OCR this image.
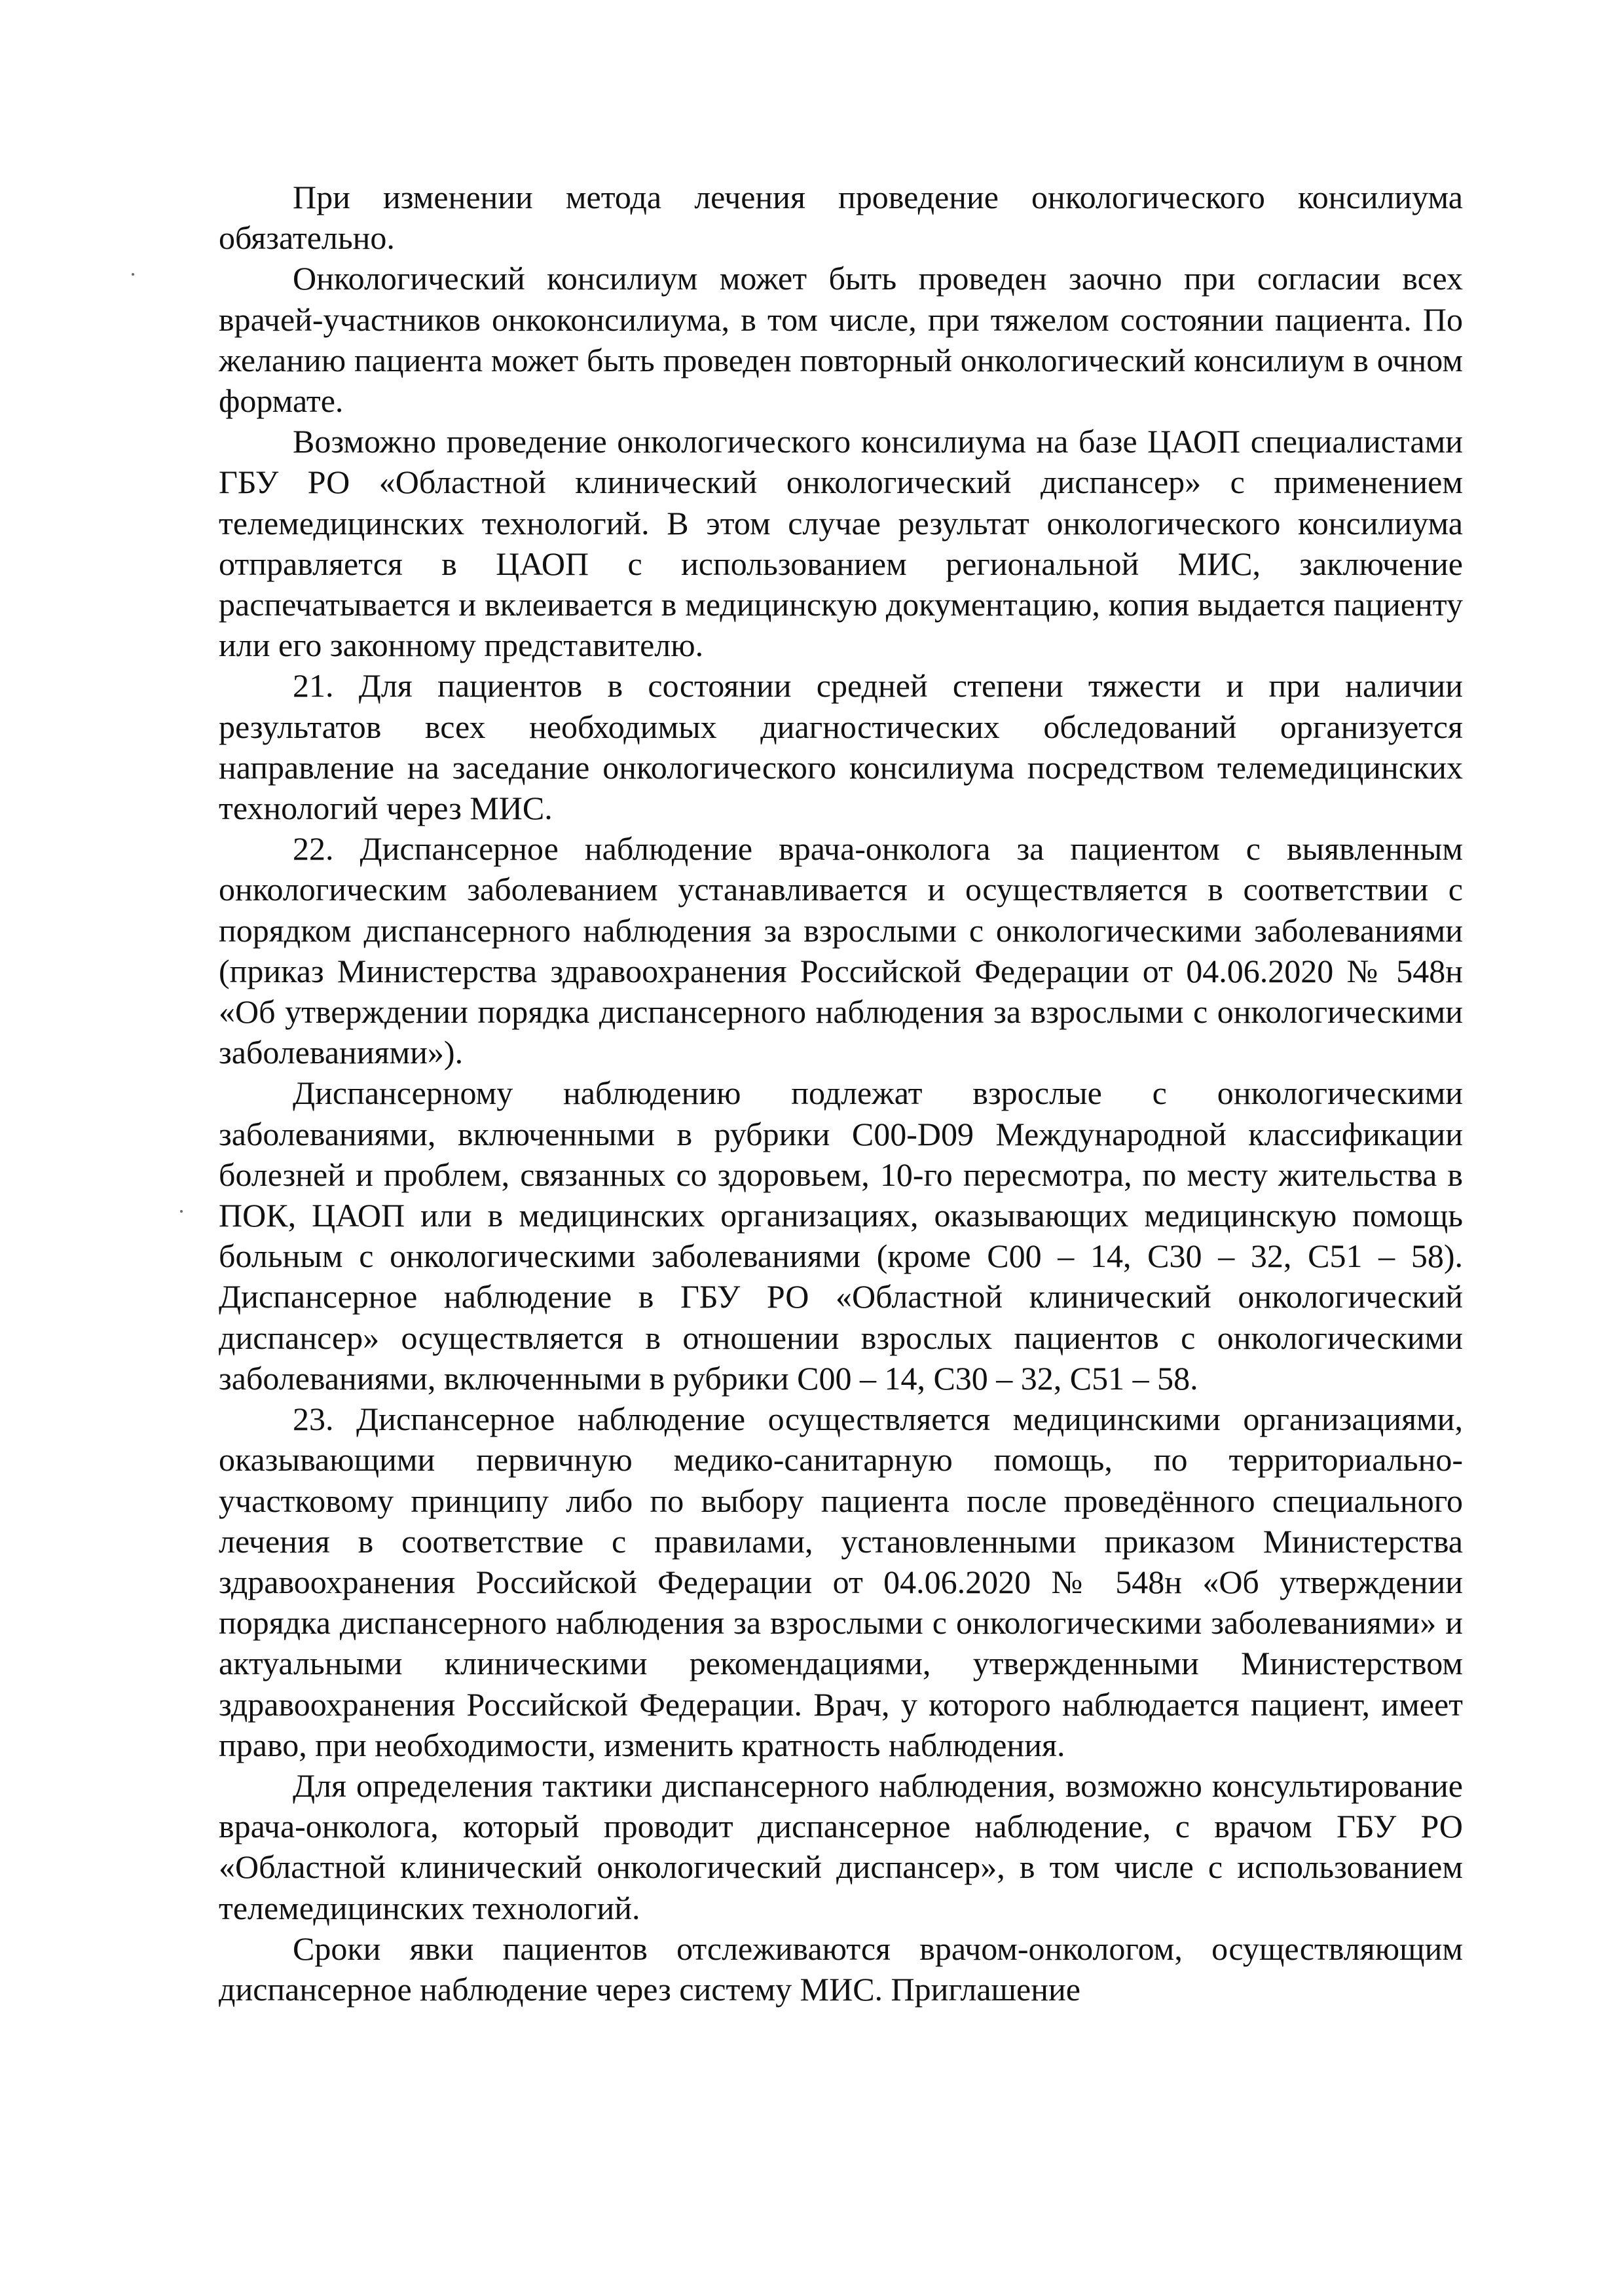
При изменении метода лечения проведение онкологического консилиума обязательно.

Онкологический консилиум может быть проведен заочно при согласии всех врачей-участников онкоконсилиума, в том числе, при тяжелом состоянии пациента. По желанию пациента может быть проведен повторный онкологический консилиум в очном формате.

Возможно проведение онкологического консилиума на базе ЦАОП специалистами ГБУ РО «Областной клинический онкологический диспансер» с применением телемедицинских технологий. В этом случае результат онкологического консилиума отправляется в ЦАОП с использованием региональной МИС, заключение распечатывается и вклеивается в медицинскую документацию, копия выдается пациенту или его законному представителю.

21. Для пациентов в состоянии средней степени тяжести и при наличии результатов всех необходимых диагностических обследований организуется направление на заседание онкологического консилиума посредством телемедицинских технологий через МИС.

22. Диспансерное наблюдение врача-онколога за пациентом с выявленным онкологическим заболеванием устанавливается и осуществляется в соответствии с порядком диспансерного наблюдения за взрослыми с онкологическими заболеваниями (приказ Министерства здравоохранения Российской Федерации от 04.06.2020 № 548н «Об утверждении порядка диспансерного наблюдения за взрослыми с онкологическими заболеваниями»).

Диспансерному наблюдению подлежат взрослые с онкологическими заболеваниями, включенными в рубрики С00-D09 Международной классификации болезней и проблем, связанных со здоровьем, 10-го пересмотра, по месту жительства в ПОК, ЦАОП или в медицинских организациях, оказывающих медицинскую помощь больным с онкологическими заболеваниями (кроме С00 – 14, С30 – 32, С51 – 58). Диспансерное наблюдение в ГБУ РО «Областной клинический онкологический диспансер» осуществляется в отношении взрослых пациентов с онкологическими заболеваниями, включенными в рубрики С00 – 14, С30 – 32, С51 – 58.

23. Диспансерное наблюдение осуществляется медицинскими организациями, оказывающими первичную медико-санитарную помощь, по территориально-участковому принципу либо по выбору пациента после проведённого специального лечения в соответствие с правилами, установленными приказом Министерства здравоохранения Российской Федерации от 04.06.2020 № 548н «Об утверждении порядка диспансерного наблюдения за взрослыми с онкологическими заболеваниями» и актуальными клиническими рекомендациями, утвержденными Министерством здравоохранения Российской Федерации. Врач, у которого наблюдается пациент, имеет право, при необходимости, изменить кратность наблюдения.

Для определения тактики диспансерного наблюдения, возможно консультирование врача-онколога, который проводит диспансерное наблюдение, с врачом ГБУ РО «Областной клинический онкологический диспансер», в том числе с использованием телемедицинских технологий.

Сроки явки пациентов отслеживаются врачом-онкологом, осуществляющим диспансерное наблюдение через систему МИС. Приглашение
